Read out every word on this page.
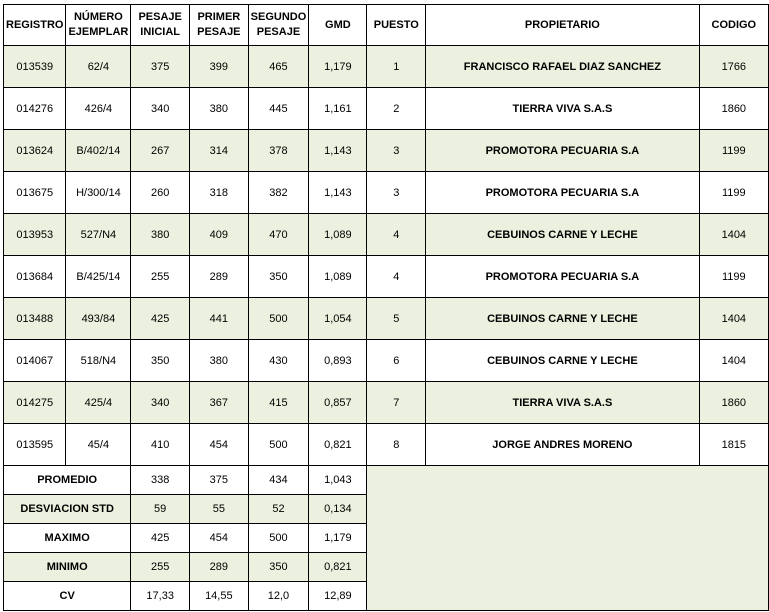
REGISTRO	NÚMERO EJEMPLAR	PESAJE INICIAL	PRIMER PESAJE	SEGUNDO PESAJE	GMD	PUESTO	PROPIETARIO	CODIGO
013539	62/4	375	399	465	1,179	1	FRANCISCO RAFAEL DIAZ SANCHEZ	1766
014276	426/4	340	380	445	1,161	2	TIERRA VIVA S.A.S	1860
013624	B/402/14	267	314	378	1,143	3	PROMOTORA PECUARIA S.A	1199
013675	H/300/14	260	318	382	1,143	3	PROMOTORA PECUARIA S.A	1199
013953	527/N4	380	409	470	1,089	4	CEBUINOS CARNE Y LECHE	1404
013684	B/425/14	255	289	350	1,089	4	PROMOTORA PECUARIA S.A	1199
013488	493/84	425	441	500	1,054	5	CEBUINOS CARNE Y LECHE	1404
014067	518/N4	350	380	430	0,893	6	CEBUINOS CARNE Y LECHE	1404
014275	425/4	340	367	415	0,857	7	TIERRA VIVA S.A.S	1860
013595	45/4	410	454	500	0,821	8	JORGE ANDRES MORENO	1815
PROMEDIO		338	375	434	1,043			
DESVIACION STD		59	55	52	0,134			
MAXIMO		425	454	500	1,179			
MINIMO		255	289	350	0,821			
CV		17,33	14,55	12,0	12,89			
